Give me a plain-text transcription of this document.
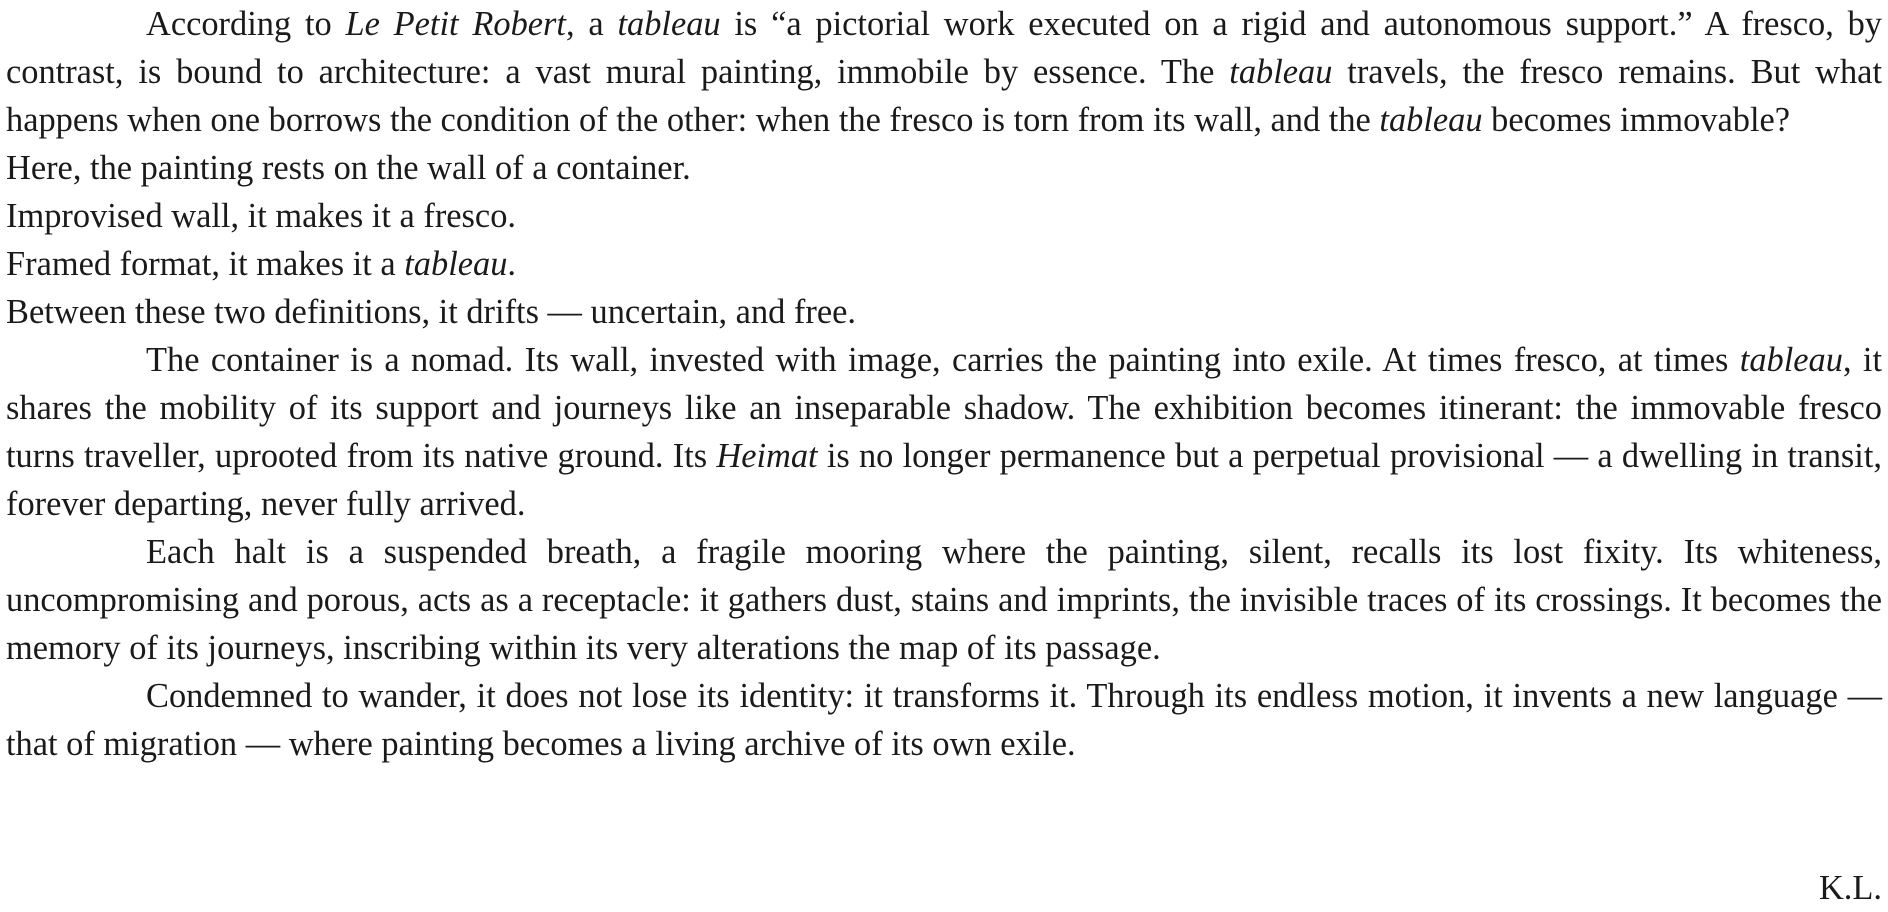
According to Le Petit Robert, a tableau is “a pictorial work executed on a rigid and autonomous support.” A fresco, by contrast, is bound to architecture: a vast mural painting, immobile by essence. The tableau travels, the fresco remains. But what happens when one borrows the condition of the other: when the fresco is torn from its wall, and the tableau becomes immovable?

Here, the painting rests on the wall of a container.

Improvised wall, it makes it a fresco.

Framed format, it makes it a tableau.

Between these two definitions, it drifts — uncertain, and free.

The container is a nomad. Its wall, invested with image, carries the painting into exile. At times fresco, at times tableau, it shares the mobility of its support and journeys like an inseparable shadow. The exhibition becomes itinerant: the immovable fresco turns traveller, uprooted from its native ground. Its Heimat is no longer permanence but a perpetual provisional — a dwelling in transit, forever departing, never fully arrived.

Each halt is a suspended breath, a fragile mooring where the painting, silent, recalls its lost fixity. Its whiteness, uncompromising and porous, acts as a receptacle: it gathers dust, stains and imprints, the invisible traces of its crossings. It becomes the memory of its journeys, inscribing within its very alterations the map of its passage.

Condemned to wander, it does not lose its identity: it transforms it. Through its endless motion, it invents a new language — that of migration — where painting becomes a living archive of its own exile.

K.L.
